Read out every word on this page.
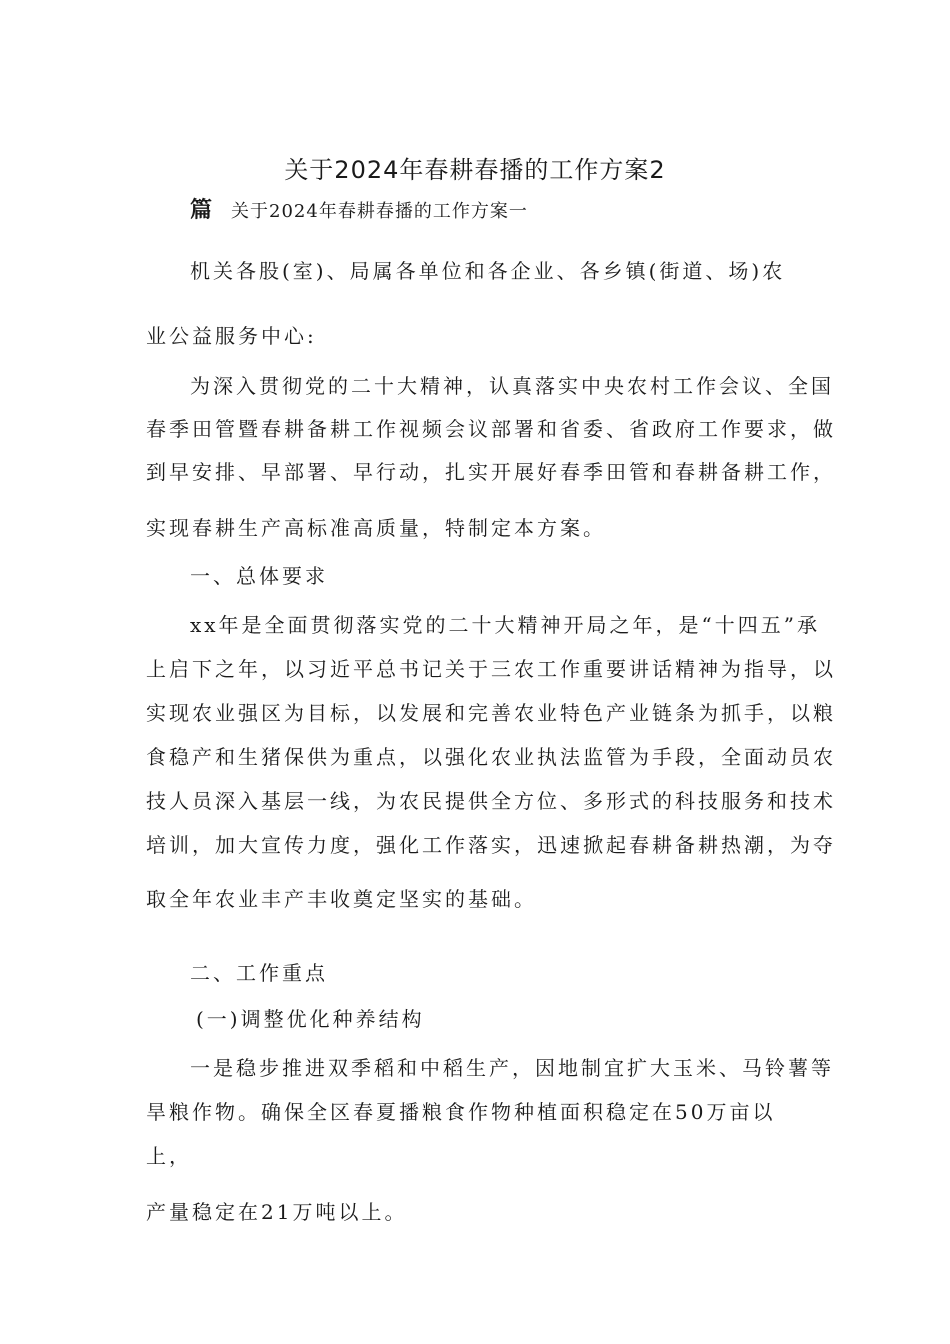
关于2024年春耕春播的工作方案2
篇 关于2024年春耕春播的工作方案一
机关各股(室)、局属各单位和各企业、各乡镇(街道、场)农
业公益服务中心:
为深入贯彻党的二十大精神，认真落实中央农村工作会议、全国
春季田管暨春耕备耕工作视频会议部署和省委、省政府工作要求，做
到早安排、早部署、早行动，扎实开展好春季田管和春耕备耕工作，
实现春耕生产高标准高质量，特制定本方案。
一、总体要求
xx年是全面贯彻落实党的二十大精神开局之年，是“十四五”承
上启下之年，以习近平总书记关于三农工作重要讲话精神为指导，以
实现农业强区为目标，以发展和完善农业特色产业链条为抓手，以粮
食稳产和生猪保供为重点，以强化农业执法监管为手段，全面动员农
技人员深入基层一线，为农民提供全方位、多形式的科技服务和技术
培训，加大宣传力度，强化工作落实，迅速掀起春耕备耕热潮，为夺
取全年农业丰产丰收奠定坚实的基础。
二、工作重点
(一)调整优化种养结构
一是稳步推进双季稻和中稻生产，因地制宜扩大玉米、马铃薯等
旱粮作物。确保全区春夏播粮食作物种植面积稳定在50万亩以
上，
产量稳定在21万吨以上。
